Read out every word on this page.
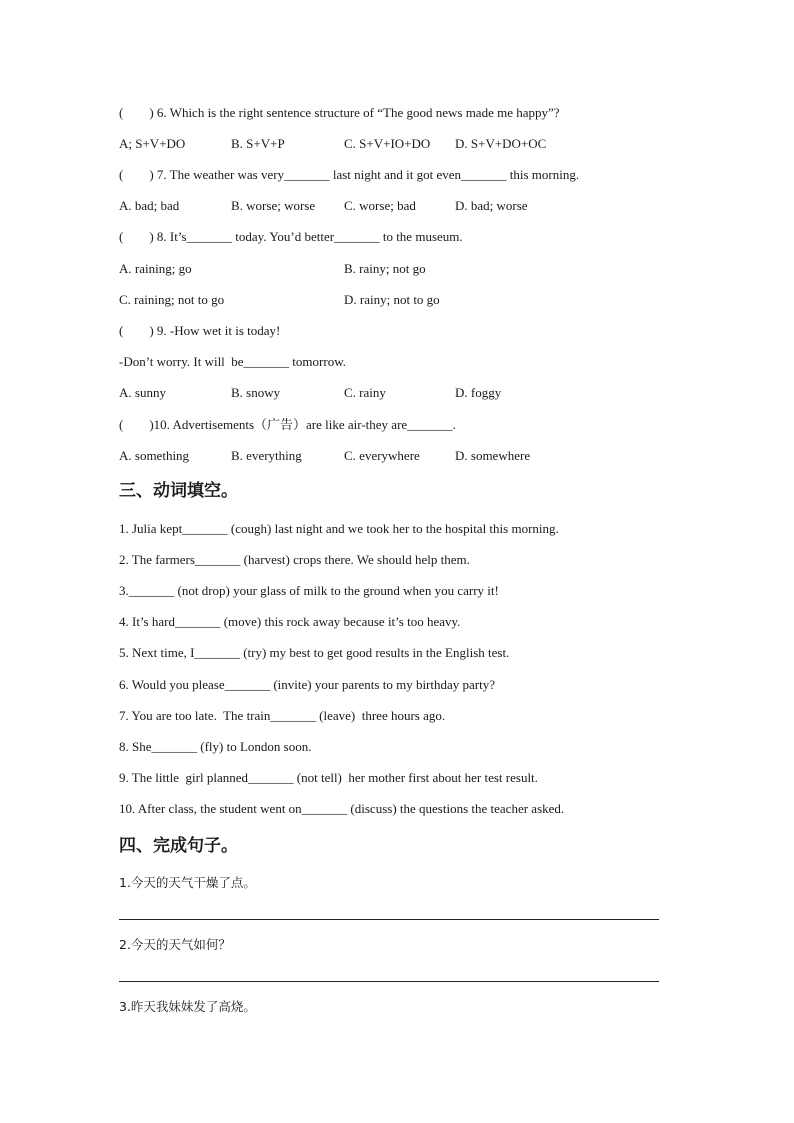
(        ) 6. Which is the right sentence structure of “The good news made me happy”?
A; S+V+DO	B. S+V+P	C. S+V+IO+DO D. S+V+DO+OC
(        ) 7. The weather was very_______ last night and it got even_______ this morning.
A. bad; bad	B. worse; worse C. worse; bad	D. bad; worse
(        ) 8. It’s_______ today. You’d better_______ to the museum.
A. raining; go	B. rainy; not go
C. raining; not to go	D. rainy; not to go
(        ) 9. -How wet it is today!
-Don’t worry. It will  be_______ tomorrow.
A. sunny	B. snowy	C. rainy	D. foggy
(        )10. Advertisements（广告）are like air-they are_______.
A. something	B. everything	C. everywhere	D. somewhere
三、动词填空。
1. Julia kept_______ (cough) last night and we took her to the hospital this morning.
2. The farmers_______ (harvest) crops there. We should help them.
3._______ (not drop) your glass of milk to the ground when you carry it!
4. It’s hard_______ (move) this rock away because it’s too heavy.
5. Next time, I_______ (try) my best to get good results in the English test.
6. Would you please_______ (invite) your parents to my birthday party?
7. You are too late.  The train_______ (leave)  three hours ago.
8. She_______ (fly) to London soon.
9. The little  girl planned_______ (not tell)  her mother first about her test result.
10. After class, the student went on_______ (discuss) the questions the teacher asked.
四、完成句子。
1.今天的天气干燥了点。
2.今天的天气如何？
3.昨天我妹妹发了高烧。
